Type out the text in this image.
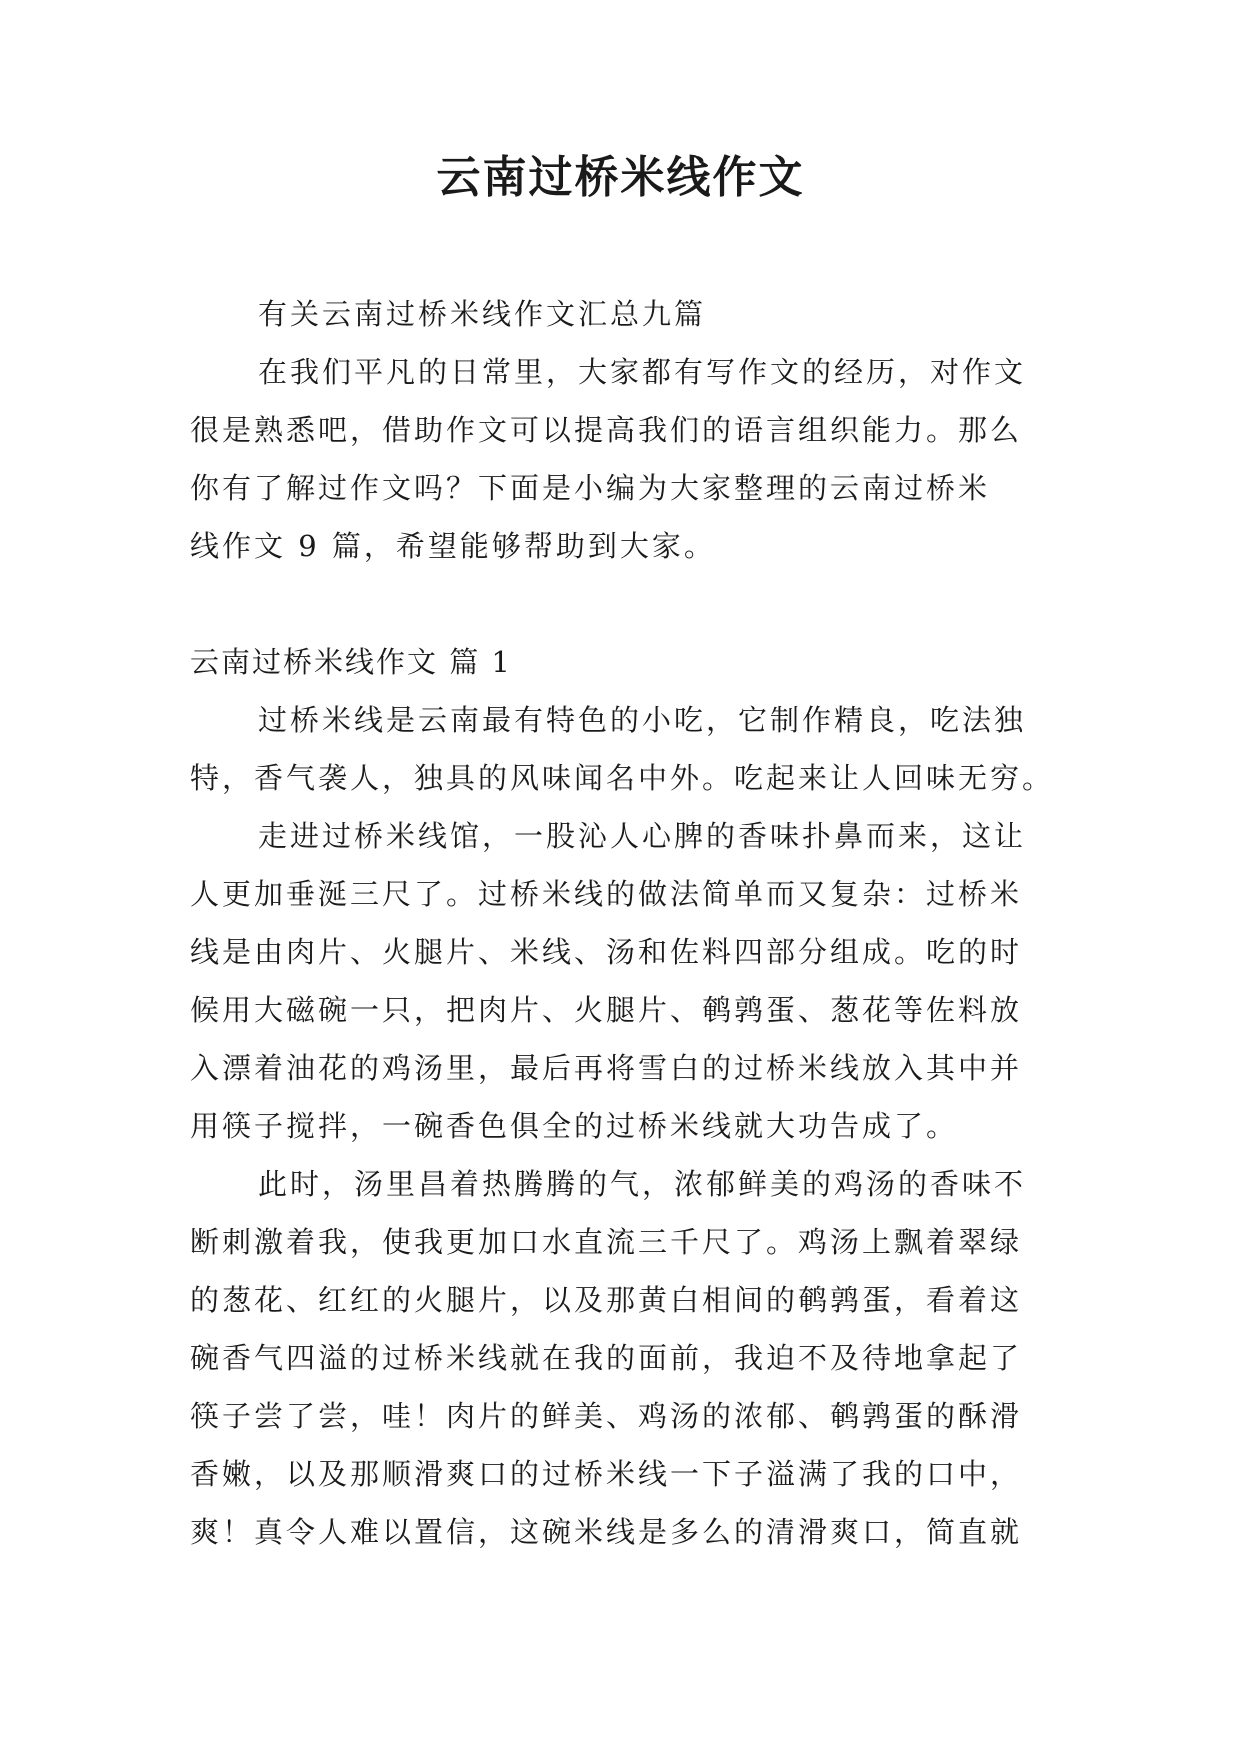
云南过桥米线作文
有关云南过桥米线作文汇总九篇
在我们平凡的日常里，大家都有写作文的经历，对作文
很是熟悉吧，借助作文可以提高我们的语言组织能力。那么
你有了解过作文吗？下面是小编为大家整理的云南过桥米
线作文 9 篇，希望能够帮助到大家。
云南过桥米线作文 篇 1
过桥米线是云南最有特色的小吃，它制作精良，吃法独
特，香气袭人，独具的风味闻名中外。吃起来让人回味无穷。
走进过桥米线馆，一股沁人心脾的香味扑鼻而来，这让
人更加垂涎三尺了。过桥米线的做法简单而又复杂：过桥米
线是由肉片、火腿片、米线、汤和佐料四部分组成。吃的时
候用大磁碗一只，把肉片、火腿片、鹌鹑蛋、葱花等佐料放
入漂着油花的鸡汤里，最后再将雪白的过桥米线放入其中并
用筷子搅拌，一碗香色俱全的过桥米线就大功告成了。
此时，汤里昌着热腾腾的气，浓郁鲜美的鸡汤的香味不
断刺激着我，使我更加口水直流三千尺了。鸡汤上飘着翠绿
的葱花、红红的火腿片，以及那黄白相间的鹌鹑蛋，看着这
碗香气四溢的过桥米线就在我的面前，我迫不及待地拿起了
筷子尝了尝，哇！肉片的鲜美、鸡汤的浓郁、鹌鹑蛋的酥滑
香嫩，以及那顺滑爽口的过桥米线一下子溢满了我的口中，
爽！真令人难以置信，这碗米线是多么的清滑爽口，简直就
